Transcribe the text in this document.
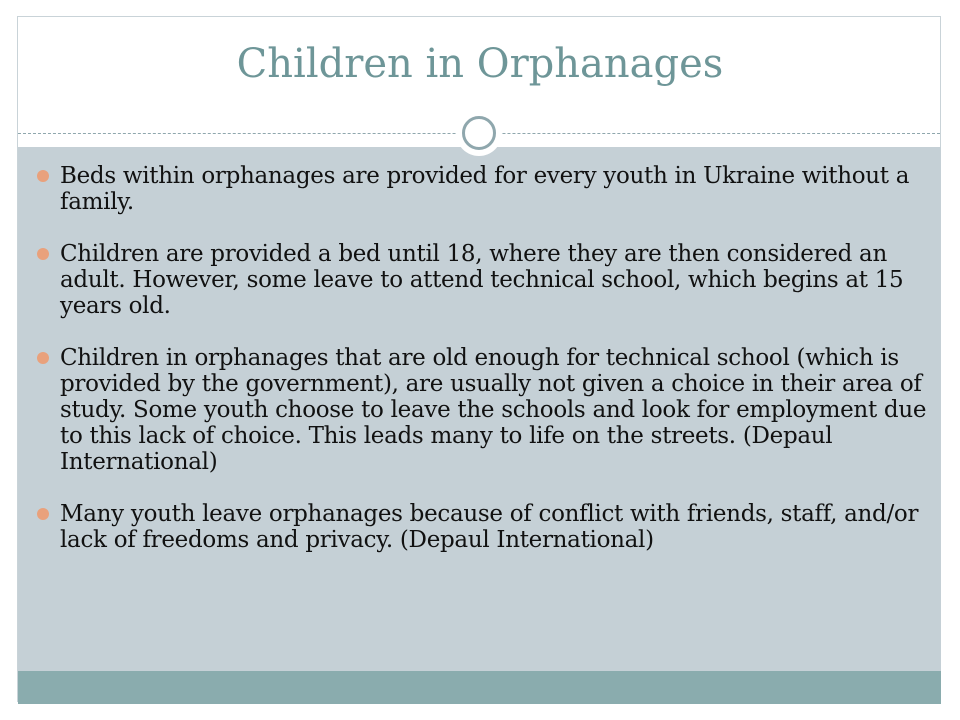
Children in Orphanages
Beds within orphanages are provided for every youth in Ukraine without a family.
Children are provided a bed until 18, where they are then considered an adult. However, some leave to attend technical school, which begins at 15 years old.
Children in orphanages that are old enough for technical school (which is provided by the government), are usually not given a choice in their area of study. Some youth choose to leave the schools and look for employment due to this lack of choice. This leads many to life on the streets. (Depaul International)
Many youth leave orphanages because of conflict with friends, staff, and/or lack of freedoms and privacy. (Depaul International)
